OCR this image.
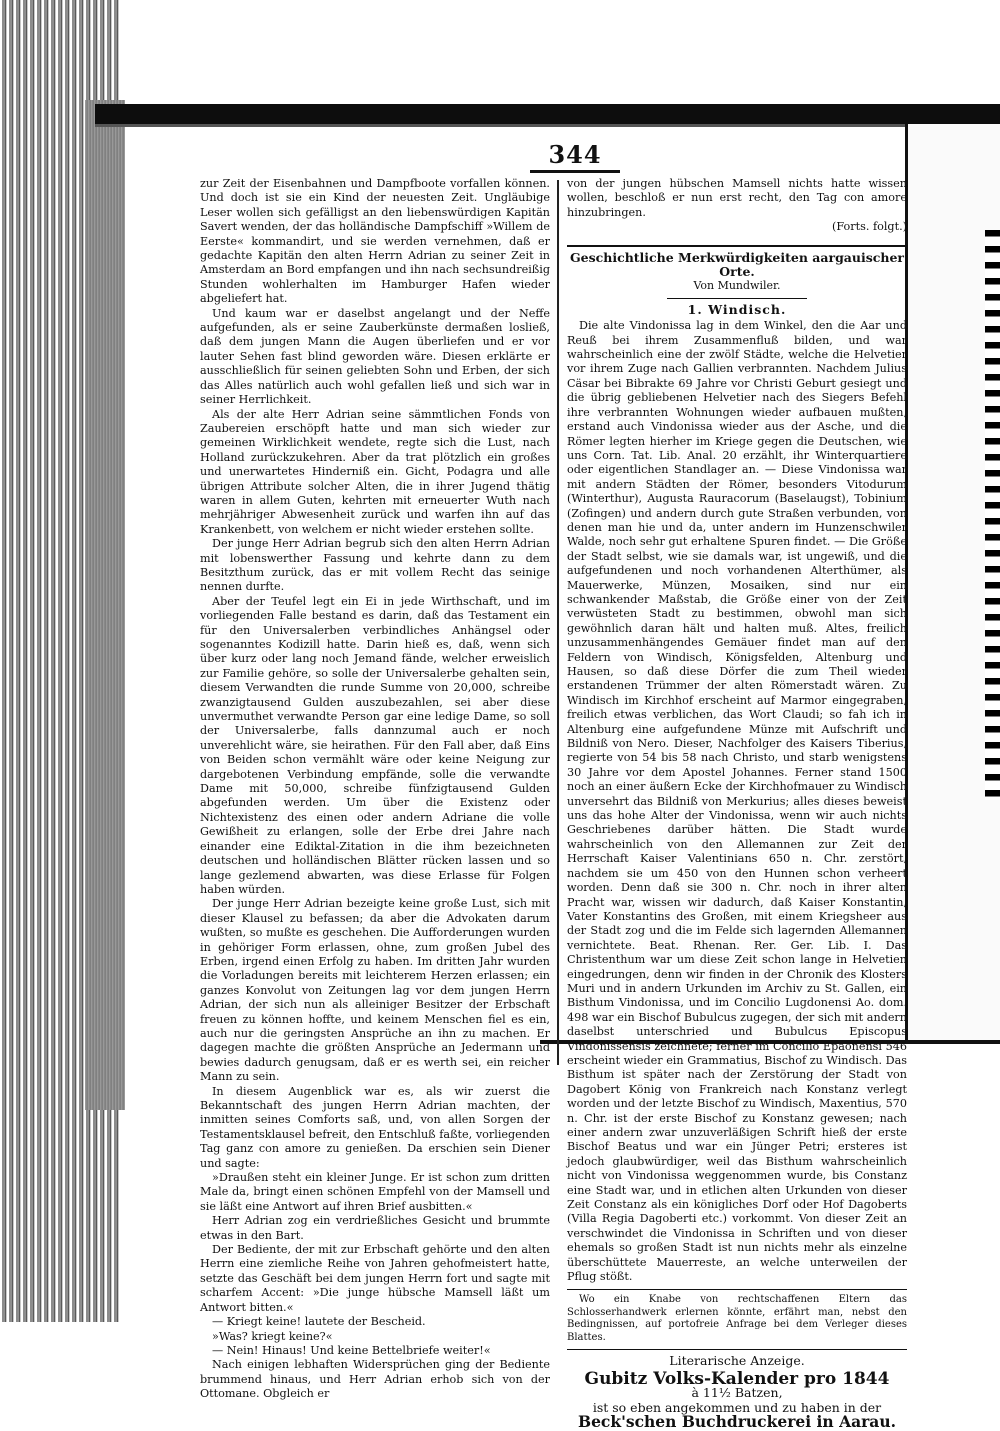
344

zur Zeit der Eisenbahnen und Dampfboote vorfallen können. Und doch ist sie ein Kind der neuesten Zeit. Ungläubige Leser wollen sich gefälligst an den liebenswürdigen Kapitän Savert wenden, der das holländische Dampfschiff »Willem de Eerste« kommandirt, und sie werden vernehmen, daß er gedachte Kapitän den alten Herrn Adrian zu seiner Zeit in Amsterdam an Bord empfangen und ihn nach sechsundreißig Stunden wohlerhalten im Hamburger Hafen wieder abgeliefert hat.

Und kaum war er daselbst angelangt und der Neffe aufgefunden, als er seine Zauberkünste dermaßen losließ, daß dem jungen Mann die Augen überliefen und er vor lauter Sehen fast blind geworden wäre. Diesen erklärte er ausschließlich für seinen geliebten Sohn und Erben, der sich das Alles natürlich auch wohl gefallen ließ und sich war in seiner Herrlichkeit.

Als der alte Herr Adrian seine sämmtlichen Fonds von Zaubereien erschöpft hatte und man sich wieder zur gemeinen Wirklichkeit wendete, regte sich die Lust, nach Holland zurückzukehren. Aber da trat plötzlich ein großes und unerwartetes Hinderniß ein. Gicht, Podagra und alle übrigen Attribute solcher Alten, die in ihrer Jugend thätig waren in allem Guten, kehrten mit erneuerter Wuth nach mehrjähriger Abwesenheit zurück und warfen ihn auf das Krankenbett, von welchem er nicht wieder erstehen sollte.

Der junge Herr Adrian begrub sich den alten Herrn Adrian mit lobenswerther Fassung und kehrte dann zu dem Besitzthum zurück, das er mit vollem Recht das seinige nennen durfte.

Aber der Teufel legt ein Ei in jede Wirthschaft, und im vorliegenden Falle bestand es darin, daß das Testament ein für den Universalerben verbindliches Anhängsel oder sogenanntes Kodizill hatte. Darin hieß es, daß, wenn sich über kurz oder lang noch Jemand fände, welcher erweislich zur Familie gehöre, so solle der Universalerbe gehalten sein, diesem Verwandten die runde Summe von 20,000, schreibe zwanzigtausend Gulden auszubezahlen, sei aber diese unvermuthet verwandte Person gar eine ledige Dame, so soll der Universalerbe, falls dannzumal auch er noch unverehlicht wäre, sie heirathen. Für den Fall aber, daß Eins von Beiden schon vermählt wäre oder keine Neigung zur dargebotenen Verbindung empfände, solle die verwandte Dame mit 50,000, schreibe fünfzigtausend Gulden abgefunden werden. Um über die Existenz oder Nichtexistenz des einen oder andern Adriane die volle Gewißheit zu erlangen, solle der Erbe drei Jahre nach einander eine Ediktal-Zitation in die ihm bezeichneten deutschen und holländischen Blätter rücken lassen und so lange gezlemend abwarten, was diese Erlasse für Folgen haben würden.

Der junge Herr Adrian bezeigte keine große Lust, sich mit dieser Klausel zu befassen; da aber die Advokaten darum wußten, so mußte es geschehen. Die Aufforderungen wurden in gehöriger Form erlassen, ohne, zum großen Jubel des Erben, irgend einen Erfolg zu haben. Im dritten Jahr wurden die Vorladungen bereits mit leichterem Herzen erlassen; ein ganzes Konvolut von Zeitungen lag vor dem jungen Herrn Adrian, der sich nun als alleiniger Besitzer der Erbschaft freuen zu können hoffte, und keinem Menschen fiel es ein, auch nur die geringsten Ansprüche an ihn zu machen. Er dagegen machte die größten Ansprüche an Jedermann und bewies dadurch genugsam, daß er es werth sei, ein reicher Mann zu sein.

In diesem Augenblick war es, als wir zuerst die Bekanntschaft des jungen Herrn Adrian machten, der inmitten seines Comforts saß, und, von allen Sorgen der Testamentsklausel befreit, den Entschluß faßte, vorliegenden Tag ganz con amore zu genießen. Da erschien sein Diener und sagte:

»Draußen steht ein kleiner Junge. Er ist schon zum dritten Male da, bringt einen schönen Empfehl von der Mamsell und sie läßt eine Antwort auf ihren Brief ausbitten.«

Herr Adrian zog ein verdrießliches Gesicht und brummte etwas in den Bart.

Der Bediente, der mit zur Erbschaft gehörte und den alten Herrn eine ziemliche Reihe von Jahren gehofmeistert hatte, setzte das Geschäft bei dem jungen Herrn fort und sagte mit scharfem Accent: »Die junge hübsche Mamsell läßt um Antwort bitten.«

— Kriegt keine! lautete der Bescheid.

»Was? kriegt keine?«

— Nein! Hinaus! Und keine Bettelbriefe weiter!«

Nach einigen lebhaften Widersprüchen ging der Bediente brummend hinaus, und Herr Adrian erhob sich von der Ottomane. Obgleich er

von der jungen hübschen Mamsell nichts hatte wissen wollen, beschloß er nun erst recht, den Tag con amore hinzubringen.

(Forts. folgt.)

Geschichtliche Merkwürdigkeiten aargauischer Orte.
Von Mundwiler.
1. Windisch.

Die alte Vindonissa lag in dem Winkel, den die Aar und Reuß bei ihrem Zusammenfluß bilden, und war wahrscheinlich eine der zwölf Städte, welche die Helvetier vor ihrem Zuge nach Gallien verbrannten. Nachdem Julius Cäsar bei Bibrakte 69 Jahre vor Christi Geburt gesiegt und die übrig gebliebenen Helvetier nach des Siegers Befehl ihre verbrannten Wohnungen wieder aufbauen mußten, erstand auch Vindonissa wieder aus der Asche, und die Römer legten hierher im Kriege gegen die Deutschen, wie uns Corn. Tat. Lib. Anal. 20 erzählt, ihr Winterquartiere oder eigentlichen Standlager an. — Diese Vindonissa war mit andern Städten der Römer, besonders Vitodurum (Winterthur), Augusta Rauracorum (Baselaugst), Tobinium (Zofingen) und andern durch gute Straßen verbunden, von denen man hie und da, unter andern im Hunzenschwiler Walde, noch sehr gut erhaltene Spuren findet. — Die Größe der Stadt selbst, wie sie damals war, ist ungewiß, und die aufgefundenen und noch vorhandenen Alterthümer, als Mauerwerke, Münzen, Mosaiken, sind nur ein schwankender Maßstab, die Größe einer von der Zeit verwüsteten Stadt zu bestimmen, obwohl man sich gewöhnlich daran hält und halten muß. Altes, freilich unzusammenhängendes Gemäuer findet man auf den Feldern von Windisch, Königsfelden, Altenburg und Hausen, so daß diese Dörfer die zum Theil wieder erstandenen Trümmer der alten Römerstadt wären. Zu Windisch im Kirchhof erscheint auf Marmor eingegraben, freilich etwas verblichen, das Wort Claudi; so fah ich in Altenburg eine aufgefundene Münze mit Aufschrift und Bildniß von Nero. Dieser, Nachfolger des Kaisers Tiberius, regierte von 54 bis 58 nach Christo, und starb wenigstens 30 Jahre vor dem Apostel Johannes. Ferner stand 1500 noch an einer äußern Ecke der Kirchhofmauer zu Windisch unversehrt das Bildniß von Merkurius; alles dieses beweist uns das hohe Alter der Vindonissa, wenn wir auch nichts Geschriebenes darüber hätten. Die Stadt wurde wahrscheinlich von den Allemannen zur Zeit der Herrschaft Kaiser Valentinians 650 n. Chr. zerstört, nachdem sie um 450 von den Hunnen schon verheert worden. Denn daß sie 300 n. Chr. noch in ihrer alten Pracht war, wissen wir dadurch, daß Kaiser Konstantin, Vater Konstantins des Großen, mit einem Kriegsheer aus der Stadt zog und die im Felde sich lagernden Allemannen vernichtete. Beat. Rhenan. Rer. Ger. Lib. I. Das Christenthum war um diese Zeit schon lange in Helvetien eingedrungen, denn wir finden in der Chronik des Klosters Muri und in andern Urkunden im Archiv zu St. Gallen, ein Bisthum Vindonissa, und im Concilio Lugdonensi Ao. dom. 498 war ein Bischof Bubulcus zugegen, der sich mit andern daselbst unterschried und Bubulcus Episcopus Vindonissensis zeichnete; ferner im Concilio Epaonensi 546 erscheint wieder ein Grammatius, Bischof zu Windisch. Das Bisthum ist später nach der Zerstörung der Stadt von Dagobert König von Frankreich nach Konstanz verlegt worden und der letzte Bischof zu Windisch, Maxentius, 570 n. Chr. ist der erste Bischof zu Konstanz gewesen; nach einer andern zwar unzuverläßigen Schrift hieß der erste Bischof Beatus und war ein Jünger Petri; ersteres ist jedoch glaubwürdiger, weil das Bisthum wahrscheinlich nicht von Vindonissa weggenommen wurde, bis Constanz eine Stadt war, und in etlichen alten Urkunden von dieser Zeit Constanz als ein königliches Dorf oder Hof Dagoberts (Villa Regia Dagoberti etc.) vorkommt. Von dieser Zeit an verschwindet die Vindonissa in Schriften und von dieser ehemals so großen Stadt ist nun nichts mehr als einzelne überschüttete Mauerreste, an welche unterweilen der Pflug stößt.

Wo ein Knabe von rechtschaffenen Eltern das Schlosserhandwerk erlernen könnte, erfährt man, nebst den Bedingnissen, auf portofreie Anfrage bei dem Verleger dieses Blattes.

Literarische Anzeige.
Gubitz Volks-Kalender pro 1844
à 11½ Batzen,
ist so eben angekommen und zu haben in der
Beck'schen Buchdruckerei in Aarau.
